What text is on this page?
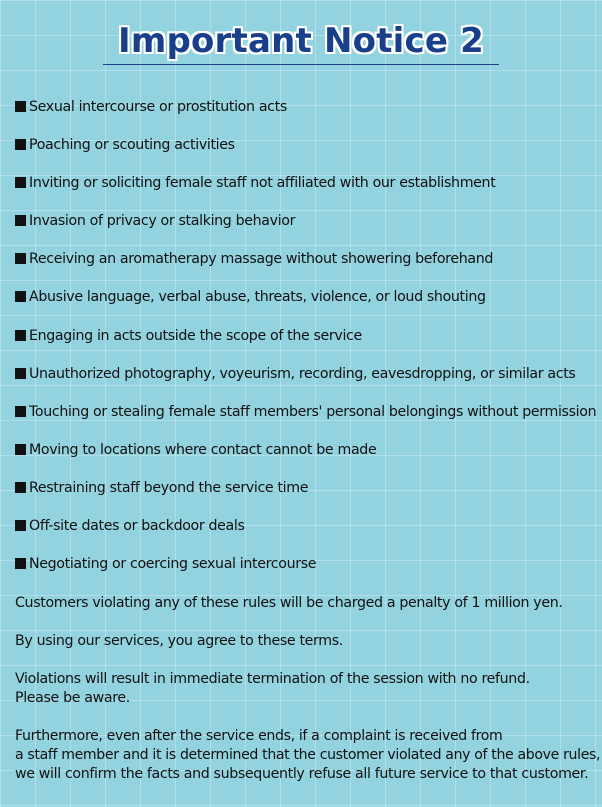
Important Notice 2
Sexual intercourse or prostitution acts
Poaching or scouting activities
Inviting or soliciting female staff not affiliated with our establishment
Invasion of privacy or stalking behavior
Receiving an aromatherapy massage without showering beforehand
Abusive language, verbal abuse, threats, violence, or loud shouting
Engaging in acts outside the scope of the service
Unauthorized photography, voyeurism, recording, eavesdropping, or similar acts
Touching or stealing female staff members' personal belongings without permission
Moving to locations where contact cannot be made
Restraining staff beyond the service time
Off-site dates or backdoor deals
Negotiating or coercing sexual intercourse

Customers violating any of these rules will be charged a penalty of 1 million yen.

By using our services, you agree to these terms.

Violations will result in immediate termination of the session with no refund.
Please be aware.

Furthermore, even after the service ends, if a complaint is received from
a staff member and it is determined that the customer violated any of the above rules,
we will confirm the facts and subsequently refuse all future service to that customer.
